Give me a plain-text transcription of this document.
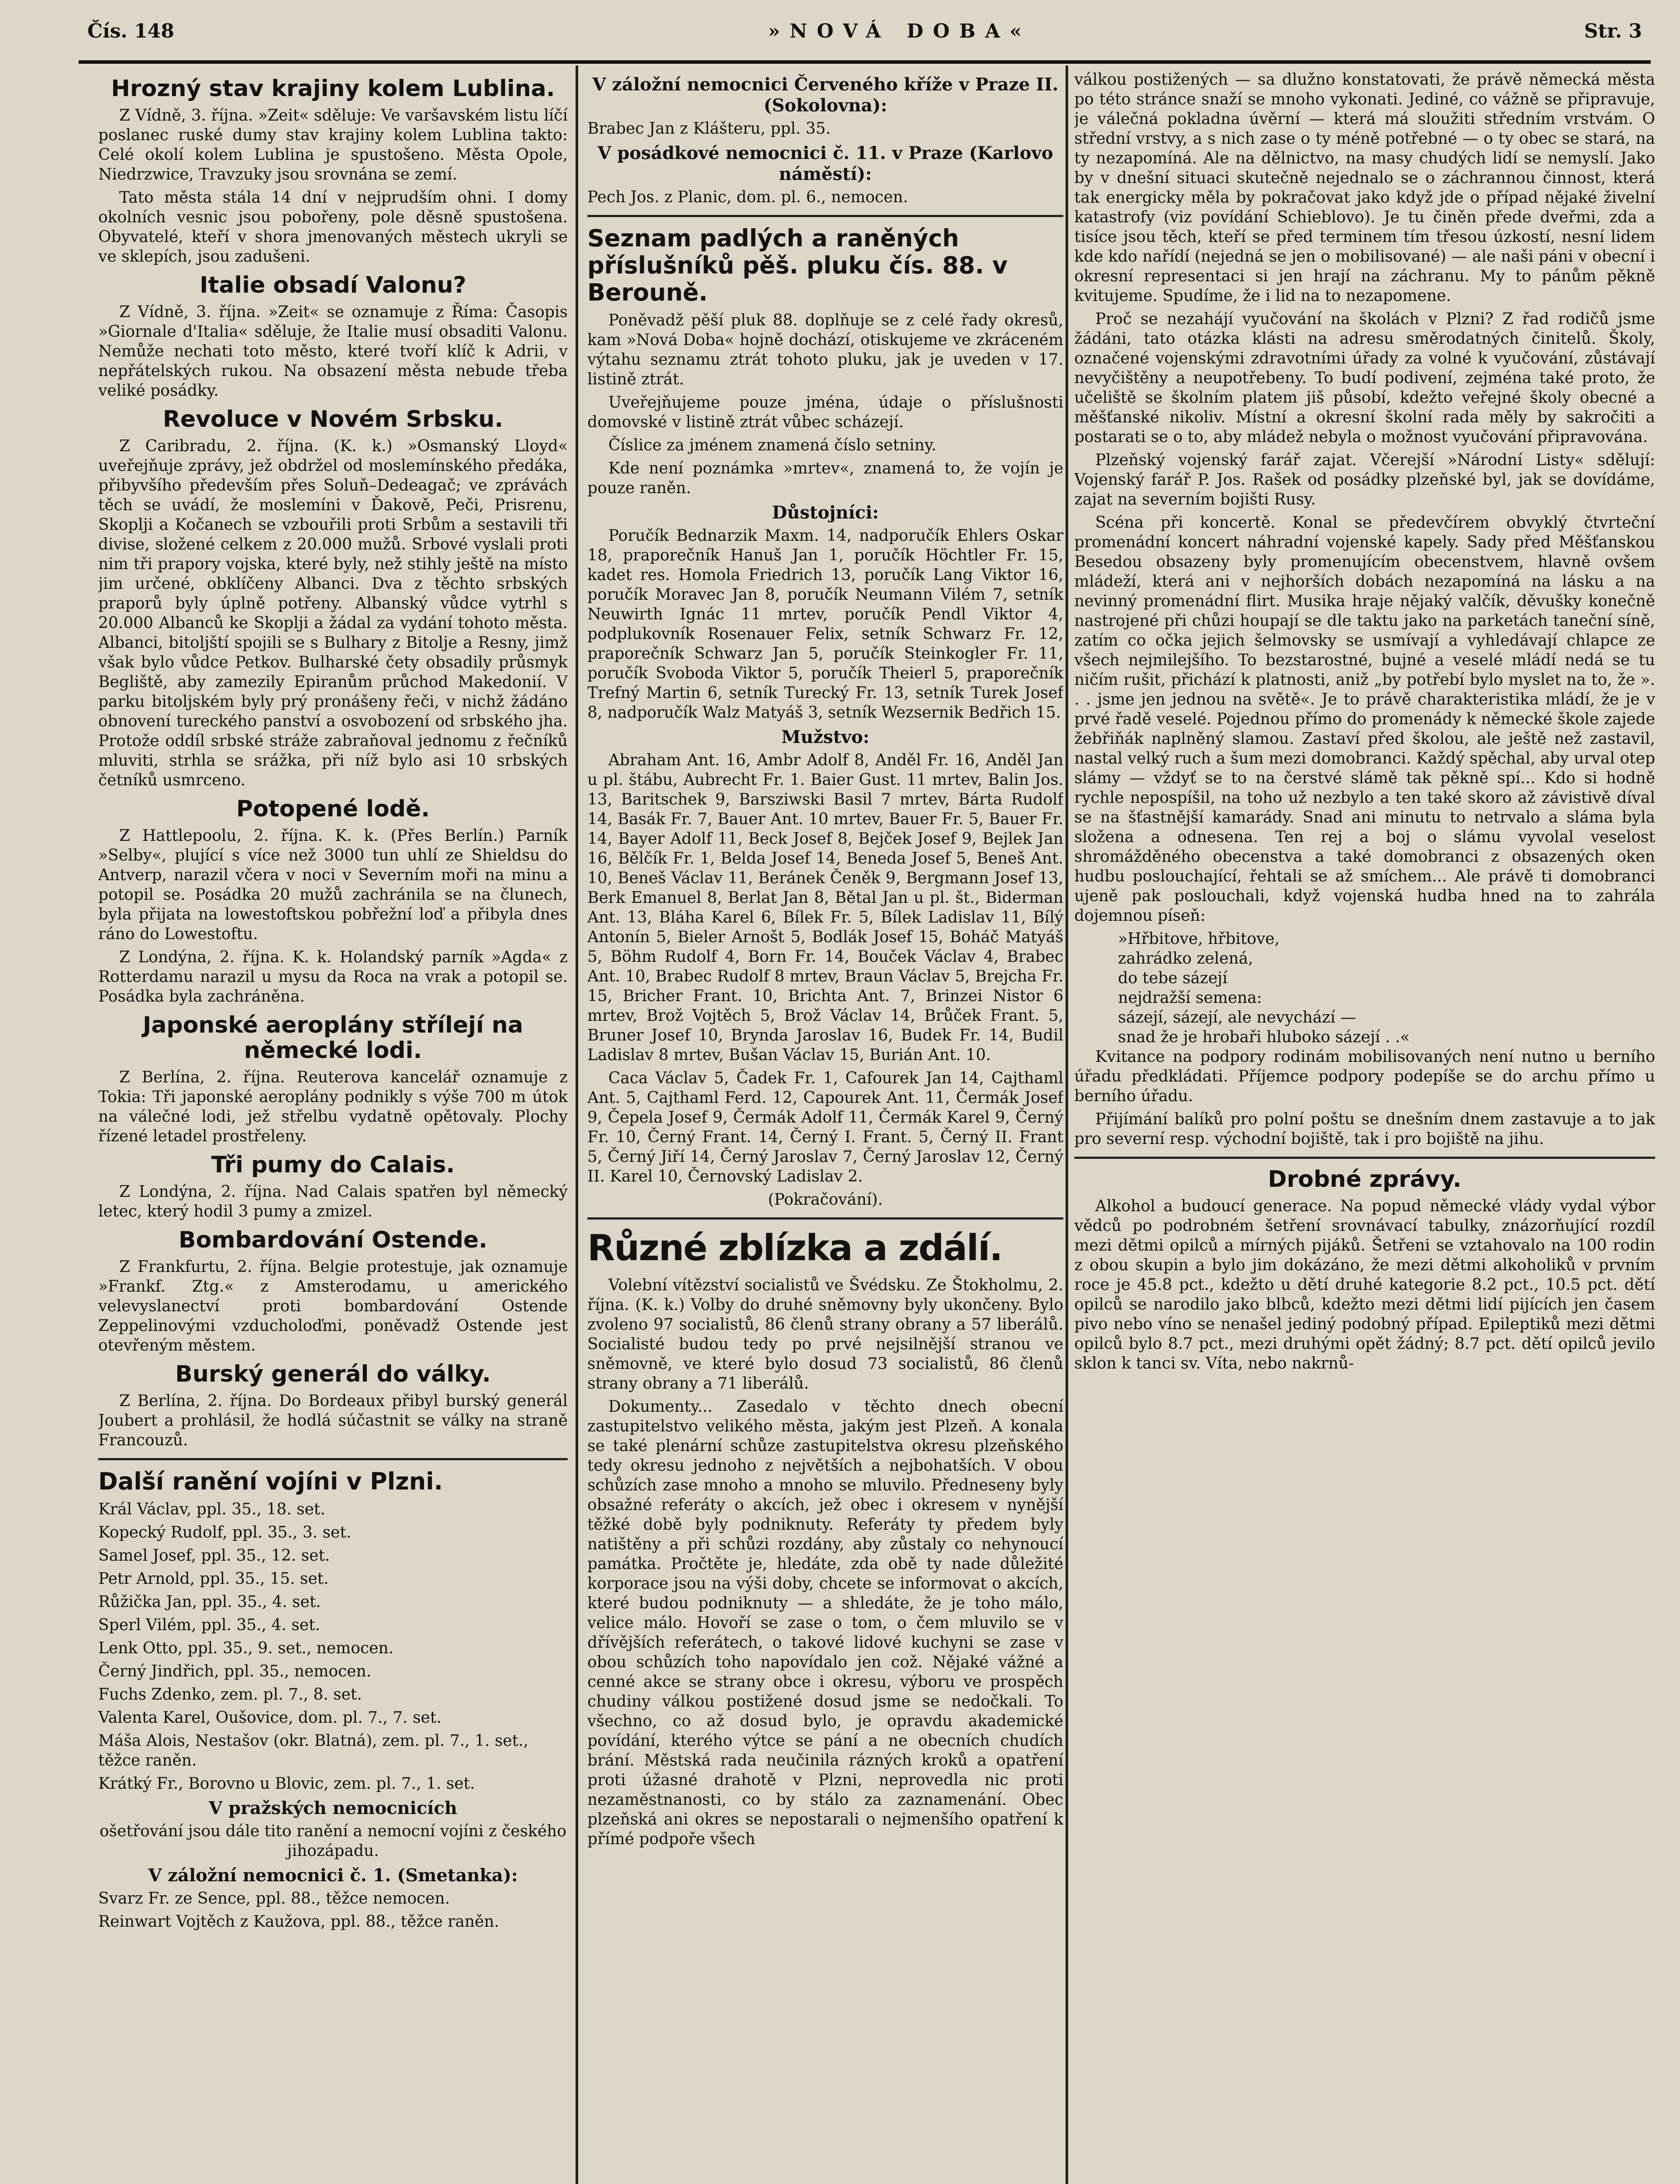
Čís. 148	»NOVÁ DOBA«	Str. 3
Hrozný stav krajiny kolem Lublina.

Z Vídně, 3. října. »Zeit« sděluje: Ve varšavském listu líčí poslanec ruské dumy stav krajiny kolem Lublina takto: Celé okolí kolem Lublina je spustošeno. Města Opole, Niedrzwice, Travzuky jsou srovnána se zemí.

Tato města stála 14 dní v nejprudším ohni. I domy okolních vesnic jsou pobořeny, pole děsně spustošena. Obyvatelé, kteří v shora jmenovaných městech ukryli se ve sklepích, jsou zadušeni.

Italie obsadí Valonu?

Z Vídně, 3. října. »Zeit« se oznamuje z Říma: Časopis »Giornale d'Italia« sděluje, že Italie musí obsaditi Valonu. Nemůže nechati toto město, které tvoří klíč k Adrii, v nepřátelských rukou. Na obsazení města nebude třeba veliké posádky.

Revoluce v Novém Srbsku.

Z Caribradu, 2. října. (K. k.) »Osmanský Lloyd« uveřejňuje zprávy, jež obdržel od moslemínského předáka, přibyvšího především přes Soluň–Dedeagač; ve zprávách těch se uvádí, že moslemíni v Ďakově, Peči, Prisrenu, Skoplji a Kočanech se vzbouřili proti Srbům a sestavili tři divise, složené celkem z 20.000 mužů. Srbové vyslali proti nim tři prapory vojska, které byly, než stihly ještě na místo jim určené, obklíčeny Albanci. Dva z těchto srbských praporů byly úplně potřeny. Albanský vůdce vytrhl s 20.000 Albanců ke Skoplji a žádal za vydání tohoto města. Albanci, bitoljští spojili se s Bulhary z Bitolje a Resny, jimž však bylo vůdce Petkov. Bulharské čety obsadily průsmyk Begliště, aby zamezily Epiranům průchod Makedonií. V parku bitoljském byly prý pronášeny řeči, v nichž žádáno obnovení tureckého panství a osvobození od srbského jha. Protože oddíl srbské stráže zabraňoval jednomu z řečníků mluviti, strhla se srážka, při níž bylo asi 10 srbských četníků usmrceno.

Potopené lodě.

Z Hattlepoolu, 2. října. K. k. (Přes Berlín.) Parník »Selby«, plující s více než 3000 tun uhlí ze Shieldsu do Antverp, narazil včera v noci v Severním moři na minu a potopil se. Posádka 20 mužů zachránila se na člunech, byla přijata na lowestoftskou pobřežní loď a přibyla dnes ráno do Lowestoftu.

Z Londýna, 2. října. K. k. Holandský parník »Agda« z Rotterdamu narazil u mysu da Roca na vrak a potopil se. Posádka byla zachráněna.

Japonské aeroplány střílejí na německé lodi.

Z Berlína, 2. října. Reuterova kancelář oznamuje z Tokia: Tři japonské aeroplány podnikly s výše 700 m útok na válečné lodi, jež střelbu vydatně opětovaly. Plochy řízené letadel prostřeleny.

Tři pumy do Calais.

Z Londýna, 2. října. Nad Calais spatřen byl německý letec, který hodil 3 pumy a zmizel.

Bombardování Ostende.

Z Frankfurtu, 2. října. Belgie protestuje, jak oznamuje »Frankf. Ztg.« z Amsterodamu, u amerického velevyslanectví proti bombardování Ostende Zeppelinovými vzducholoďmi, poněvadž Ostende jest otevřeným městem.

Burský generál do války.

Z Berlína, 2. října. Do Bordeaux přibyl burský generál Joubert a prohlásil, že hodlá súčastnit se války na straně Francouzů.

Další ranění vojíni v Plzni.

Král Václav, ppl. 35., 18. set.

Kopecký Rudolf, ppl. 35., 3. set.

Samel Josef, ppl. 35., 12. set.

Petr Arnold, ppl. 35., 15. set.

Růžička Jan, ppl. 35., 4. set.

Sperl Vilém, ppl. 35., 4. set.

Lenk Otto, ppl. 35., 9. set., nemocen.

Černý Jindřich, ppl. 35., nemocen.

Fuchs Zdenko, zem. pl. 7., 8. set.

Valenta Karel, Oušovice, dom. pl. 7., 7. set.

Máša Alois, Nestašov (okr. Blatná), zem. pl. 7., 1. set., těžce raněn.

Krátký Fr., Borovno u Blovic, zem. pl. 7., 1. set.

V pražských nemocnicích

ošetřování jsou dále tito ranění a nemocní vojíni z českého jihozápadu.

V záložní nemocnici č. 1. (Smetanka):

Svarz Fr. ze Sence, ppl. 88., těžce nemocen.

Reinwart Vojtěch z Kaužova, ppl. 88., těžce raněn.

V záložní nemocnici Červeného kříže v Praze II. (Sokolovna):

Brabec Jan z Klášteru, ppl. 35.

V posádkové nemocnici č. 11. v Praze (Karlovo náměstí):

Pech Jos. z Planic, dom. pl. 6., nemocen.

Seznam padlých a raněných příslušníků pěš. pluku čís. 88. v Berouně.

Poněvadž pěší pluk 88. doplňuje se z celé řady okresů, kam »Nová Doba« hojně dochází, otiskujeme ve zkráceném výtahu seznamu ztrát tohoto pluku, jak je uveden v 17. listině ztrát.

Uveřejňujeme pouze jména, údaje o příslušnosti domovské v listině ztrát vůbec scházejí.

Číslice za jménem znamená číslo setniny.

Kde není poznámka »mrtev«, znamená to, že vojín je pouze raněn.

Důstojníci:

Poručík Bednarzik Maxm. 14, nadporučík Ehlers Oskar 18, praporečník Hanuš Jan 1, poručík Höchtler Fr. 15, kadet res. Homola Friedrich 13, poručík Lang Viktor 16, poručík Moravec Jan 8, poručík Neumann Vilém 7, setník Neuwirth Ignác 11 mrtev, poručík Pendl Viktor 4, podplukovník Rosenauer Felix, setník Schwarz Fr. 12, praporečník Schwarz Jan 5, poručík Steinkogler Fr. 11, poručík Svoboda Viktor 5, poručík Theierl 5, praporečník Trefný Martin 6, setník Turecký Fr. 13, setník Turek Josef 8, nadporučík Walz Matyáš 3, setník Wezsernik Bedřich 15.

Mužstvo:

Abraham Ant. 16, Ambr Adolf 8, Anděl Fr. 16, Anděl Jan u pl. štábu, Aubrecht Fr. 1. Baier Gust. 11 mrtev, Balin Jos. 13, Baritschek 9, Barsziwski Basil 7 mrtev, Bárta Rudolf 14, Basák Fr. 7, Bauer Ant. 10 mrtev, Bauer Fr. 5, Bauer Fr. 14, Bayer Adolf 11, Beck Josef 8, Bejček Josef 9, Bejlek Jan 16, Bělčík Fr. 1, Belda Josef 14, Beneda Josef 5, Beneš Ant. 10, Beneš Václav 11, Beránek Čeněk 9, Bergmann Josef 13, Berk Emanuel 8, Berlat Jan 8, Bětal Jan u pl. št., Biderman Ant. 13, Bláha Karel 6, Bílek Fr. 5, Bílek Ladislav 11, Bílý Antonín 5, Bieler Arnošt 5, Bodlák Josef 15, Boháč Matyáš 5, Böhm Rudolf 4, Born Fr. 14, Bouček Václav 4, Brabec Ant. 10, Brabec Rudolf 8 mrtev, Braun Václav 5, Brejcha Fr. 15, Bricher Frant. 10, Brichta Ant. 7, Brinzei Nistor 6 mrtev, Brož Vojtěch 5, Brož Václav 14, Brůček Frant. 5, Bruner Josef 10, Brynda Jaroslav 16, Budek Fr. 14, Budil Ladislav 8 mrtev, Bušan Václav 15, Burián Ant. 10.

Caca Václav 5, Čadek Fr. 1, Cafourek Jan 14, Cajthaml Ant. 5, Cajthaml Ferd. 12, Capourek Ant. 11, Čermák Josef 9, Čepela Josef 9, Čermák Adolf 11, Čermák Karel 9, Černý Fr. 10, Černý Frant. 14, Černý I. Frant. 5, Černý II. Frant 5, Černý Jiří 14, Černý Jaroslav 7, Černý Jaroslav 12, Černý II. Karel 10, Černovský Ladislav 2.

(Pokračování).

Různé zblízka a zdálí.

Volební vítězství socialistů ve Švédsku. Ze Štokholmu, 2. října. (K. k.) Volby do druhé sněmovny byly ukončeny. Bylo zvoleno 97 socialistů, 86 členů strany obrany a 57 liberálů. Socialisté budou tedy po prvé nejsilnější stranou ve sněmovně, ve které bylo dosud 73 socialistů, 86 členů strany obrany a 71 liberálů.

Dokumenty... Zasedalo v těchto dnech obecní zastupitelstvo velikého města, jakým jest Plzeň. A konala se také plenární schůze zastupitelstva okresu plzeňského tedy okresu jednoho z největších a nejbohatších. V obou schůzích zase mnoho a mnoho se mluvilo. Předneseny byly obsažné referáty o akcích, jež obec i okresem v nynější těžké době byly podniknuty. Referáty ty předem byly natištěny a při schůzi rozdány, aby zůstaly co nehynoucí památka. Pročtěte je, hledáte, zda obě ty nade důležité korporace jsou na výši doby, chcete se informovat o akcích, které budou podniknuty — a shledáte, že je toho málo, velice málo. Hovoří se zase o tom, o čem mluvilo se v dřívějších referátech, o takové lidové kuchyni se zase v obou schůzích toho napovídalo jen což. Nějaké vážné a cenné akce se strany obce i okresu, výboru ve prospěch chudiny válkou postižené dosud jsme se nedočkali. To všechno, co až dosud bylo, je opravdu akademické povídání, kterého výtce se pání a ne obecních chudích brání. Městská rada neučinila rázných kroků a opatření proti úžasné drahotě v Plzni, neprovedla nic proti nezaměstnanosti, co by stálo za zaznamenání. Obec plzeňská ani okres se nepostarali o nejmenšího opatření k přímé podpoře všech

válkou postižených — sa dlužno konstatovati, že právě německá města po této stránce snaží se mnoho vykonati. Jediné, co vážně se připravuje, je válečná pokladna úvěrní — která má sloužiti středním vrstvám. O střední vrstvy, a s nich zase o ty méně potřebné — o ty obec se stará, na ty nezapomíná. Ale na dělnictvo, na masy chudých lidí se nemyslí. Jako by v dnešní situaci skutečně nejednalo se o záchrannou činnost, která tak energicky měla by pokračovat jako když jde o případ nějaké živelní katastrofy (viz povídání Schieblovo). Je tu činěn přede dveřmi, zda a tisíce jsou těch, kteří se před terminem tím třesou úzkostí, nesní lidem kde kdo nařídí (nejedná se jen o mobilisované) — ale naši páni v obecní i okresní representaci si jen hrají na záchranu. My to pánům pěkně kvitujeme. Spudíme, že i lid na to nezapomene.

Proč se nezahájí vyučování na školách v Plzni? Z řad rodičů jsme žádáni, tato otázka klásti na adresu směrodatných činitelů. Školy, označené vojenskými zdravotními úřady za volné k vyučování, zůstávají nevyčištěny a neupotřebeny. To budí podivení, zejména také proto, že učeliště se školním platem jiš působí, kdežto veřejné školy obecné a měšťanské nikoliv. Místní a okresní školní rada měly by sakročiti a postarati se o to, aby mládež nebyla o možnost vyučování připravována.

Plzeňský vojenský farář zajat. Včerejší »Národní Listy« sdělují: Vojenský farář P. Jos. Rašek od posádky plzeňské byl, jak se dovídáme, zajat na severním bojišti Rusy.

Scéna při koncertě. Konal se předevčírem obvyklý čtvrteční promenádní koncert náhradní vojenské kapely. Sady před Měšťanskou Besedou obsazeny byly promenujícím obecenstvem, hlavně ovšem mládeží, která ani v nejhorších dobách nezapomíná na lásku a na nevinný promenádní flirt. Musika hraje nějaký valčík, děvušky konečně nastrojené při chůzi houpají se dle taktu jako na parketách taneční síně, zatím co očka jejich šelmovsky se usmívají a vyhledávají chlapce ze všech nejmilejšího. To bezstarostné, bujné a veselé mládí nedá se tu ničím rušit, přichází k platnosti, aniž „by potřebí bylo myslet na to, že ». . . jsme jen jednou na světě«. Je to právě charakteristika mládí, že je v prvé řadě veselé. Pojednou přímo do promenády k německé škole zajede žebřiňák naplněný slamou. Zastaví před školou, ale ještě než zastavil, nastal velký ruch a šum mezi domobranci. Každý spěchal, aby urval otep slámy — vždyť se to na čerstvé slámě tak pěkně spí... Kdo si hodně rychle nepospíšil, na toho už nezbylo a ten také skoro až závistivě díval se na šťastnější kamarády. Snad ani minutu to netrvalo a sláma byla složena a odnesena. Ten rej a boj o slámu vyvolal veselost shromážděného obecenstva a také domobranci z obsazených oken hudbu poslouchající, řehtali se až smíchem... Ale právě ti domobranci ujeně pak poslouchali, když vojenská hudba hned na to zahrála dojemnou píseň:

»Hřbitove, hřbitove,

zahrádko zelená,

do tebe sázejí

nejdražší semena:

sázejí, sázejí, ale nevychází —

snad že je hrobaři hluboko sázejí . .«

Kvitance na podpory rodinám mobilisovaných není nutno u berního úřadu předkládati. Příjemce podpory podepíše se do archu přímo u berního úřadu.

Přijímání balíků pro polní poštu se dnešním dnem zastavuje a to jak pro severní resp. východní bojiště, tak i pro bojiště na jihu.

Drobné zprávy.

Alkohol a budoucí generace. Na popud německé vlády vydal výbor vědců po podrobném šetření srovnávací tabulky, znázorňující rozdíl mezi dětmi opilců a mírných pijáků. Šetřeni se vztahovalo na 100 rodin z obou skupin a bylo jim dokázáno, že mezi dětmi alkoholiků v prvním roce je 45.8 pct., kdežto u dětí druhé kategorie 8.2 pct., 10.5 pct. dětí opilců se narodilo jako blbců, kdežto mezi dětmi lidí pijících jen časem pivo nebo víno se nenašel jediný podobný případ. Epileptiků mezi dětmi opilců bylo 8.7 pct., mezi druhými opět žádný; 8.7 pct. dětí opilců jevilo sklon k tanci sv. Víta, nebo nakrnů-
